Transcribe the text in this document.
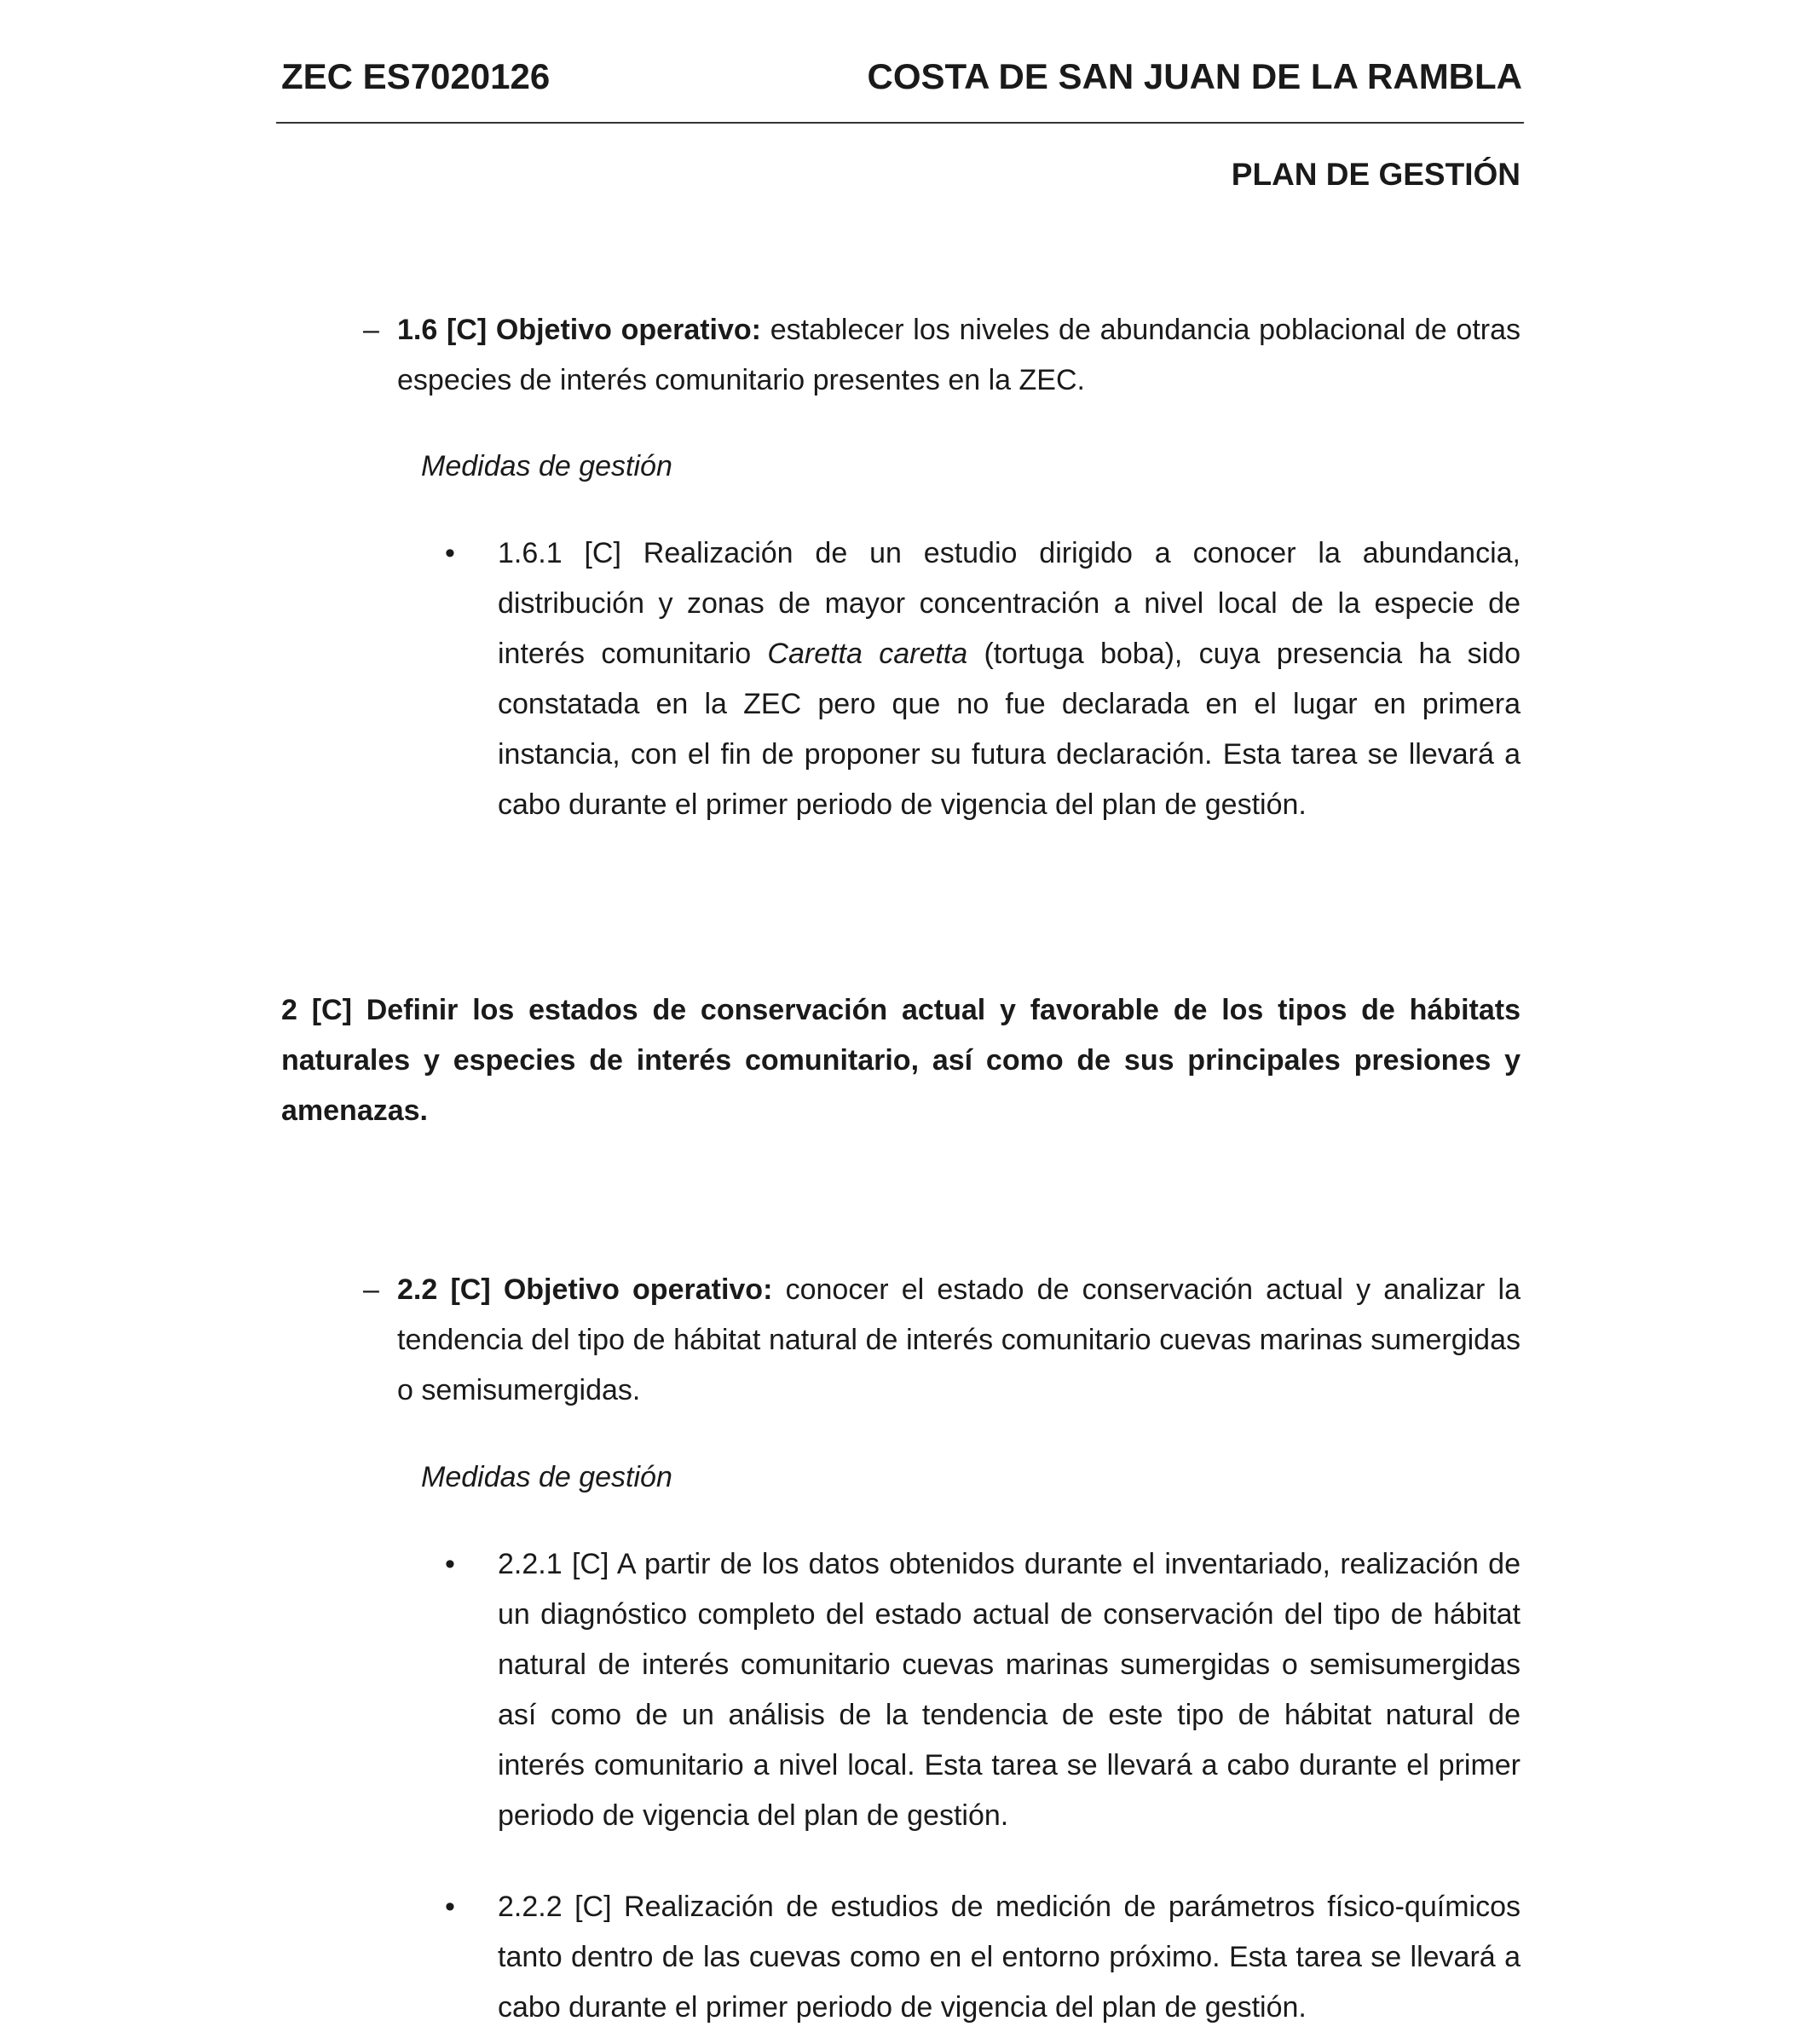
ZEC ES7020126	COSTA DE SAN JUAN DE LA RAMBLA
PLAN DE GESTIÓN
– 1.6 [C] Objetivo operativo: establecer los niveles de abundancia poblacional de otras especies de interés comunitario presentes en la ZEC.
Medidas de gestión
• 1.6.1 [C] Realización de un estudio dirigido a conocer la abundancia, distribución y zonas de mayor concentración a nivel local de la especie de interés comunitario Caretta caretta (tortuga boba), cuya presencia ha sido constatada en la ZEC pero que no fue declarada en el lugar en primera instancia, con el fin de proponer su futura declaración. Esta tarea se llevará a cabo durante el primer periodo de vigencia del plan de gestión.
2 [C] Definir los estados de conservación actual y favorable de los tipos de hábitats naturales y especies de interés comunitario, así como de sus principales presiones y amenazas.
– 2.2 [C] Objetivo operativo: conocer el estado de conservación actual y analizar la tendencia del tipo de hábitat natural de interés comunitario cuevas marinas sumergidas o semisumergidas.
Medidas de gestión
• 2.2.1 [C] A partir de los datos obtenidos durante el inventariado, realización de un diagnóstico completo del estado actual de conservación del tipo de hábitat natural de interés comunitario cuevas marinas sumergidas o semisumergidas así como de un análisis de la tendencia de este tipo de hábitat natural de interés comunitario a nivel local. Esta tarea se llevará a cabo durante el primer periodo de vigencia del plan de gestión.
• 2.2.2 [C] Realización de estudios de medición de parámetros físico-químicos tanto dentro de las cuevas como en el entorno próximo. Esta tarea se llevará a cabo durante el primer periodo de vigencia del plan de gestión.
